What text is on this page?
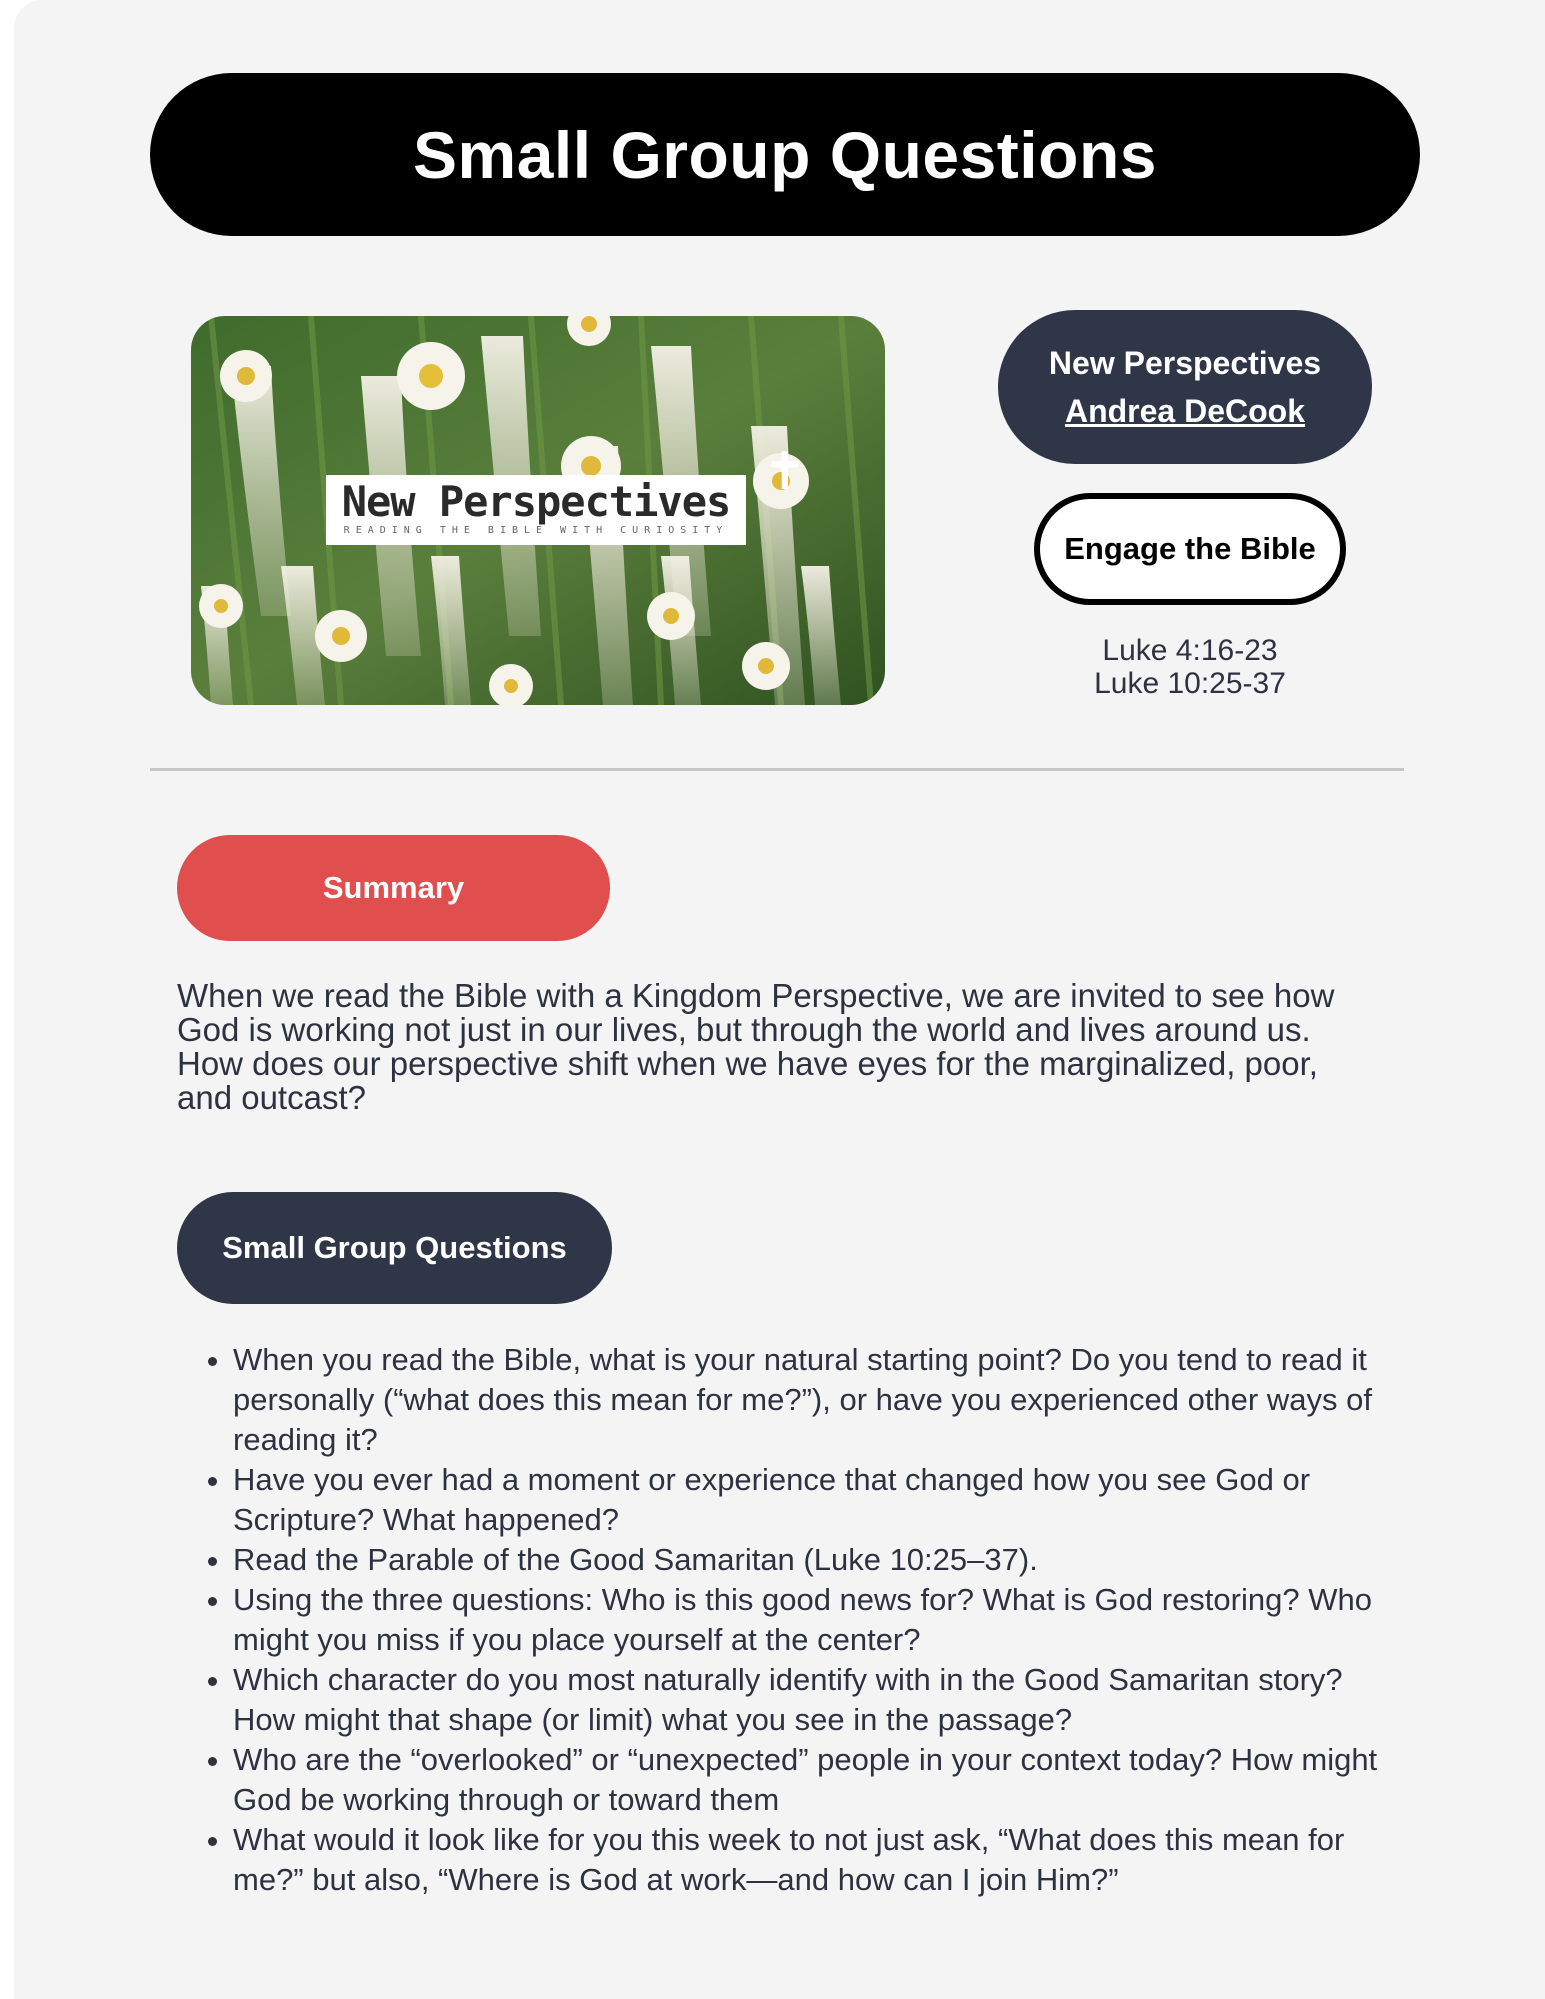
Small Group Questions
New Perspectives
READING THE BIBLE WITH CURIOSITY
✝
New Perspectives
Andrea DeCook
Engage the Bible
Luke 4:16-23
Luke 10:25-37
Summary
When we read the Bible with a Kingdom Perspective, we are invited to see how God is working not just in our lives, but through the world and lives around us. How does our perspective shift when we have eyes for the marginalized, poor, and outcast?
Small Group Questions
• When you read the Bible, what is your natural starting point? Do you tend to read it personally (“what does this mean for me?”), or have you experienced other ways of reading it?
• Have you ever had a moment or experience that changed how you see God or Scripture? What happened?
• Read the Parable of the Good Samaritan (Luke 10:25–37).
• Using the three questions: Who is this good news for? What is God restoring? Who might you miss if you place yourself at the center?
• Which character do you most naturally identify with in the Good Samaritan story? How might that shape (or limit) what you see in the passage?
• Who are the “overlooked” or “unexpected” people in your context today? How might God be working through or toward them
• What would it look like for you this week to not just ask, “What does this mean for me?” but also, “Where is God at work—and how can I join Him?”
